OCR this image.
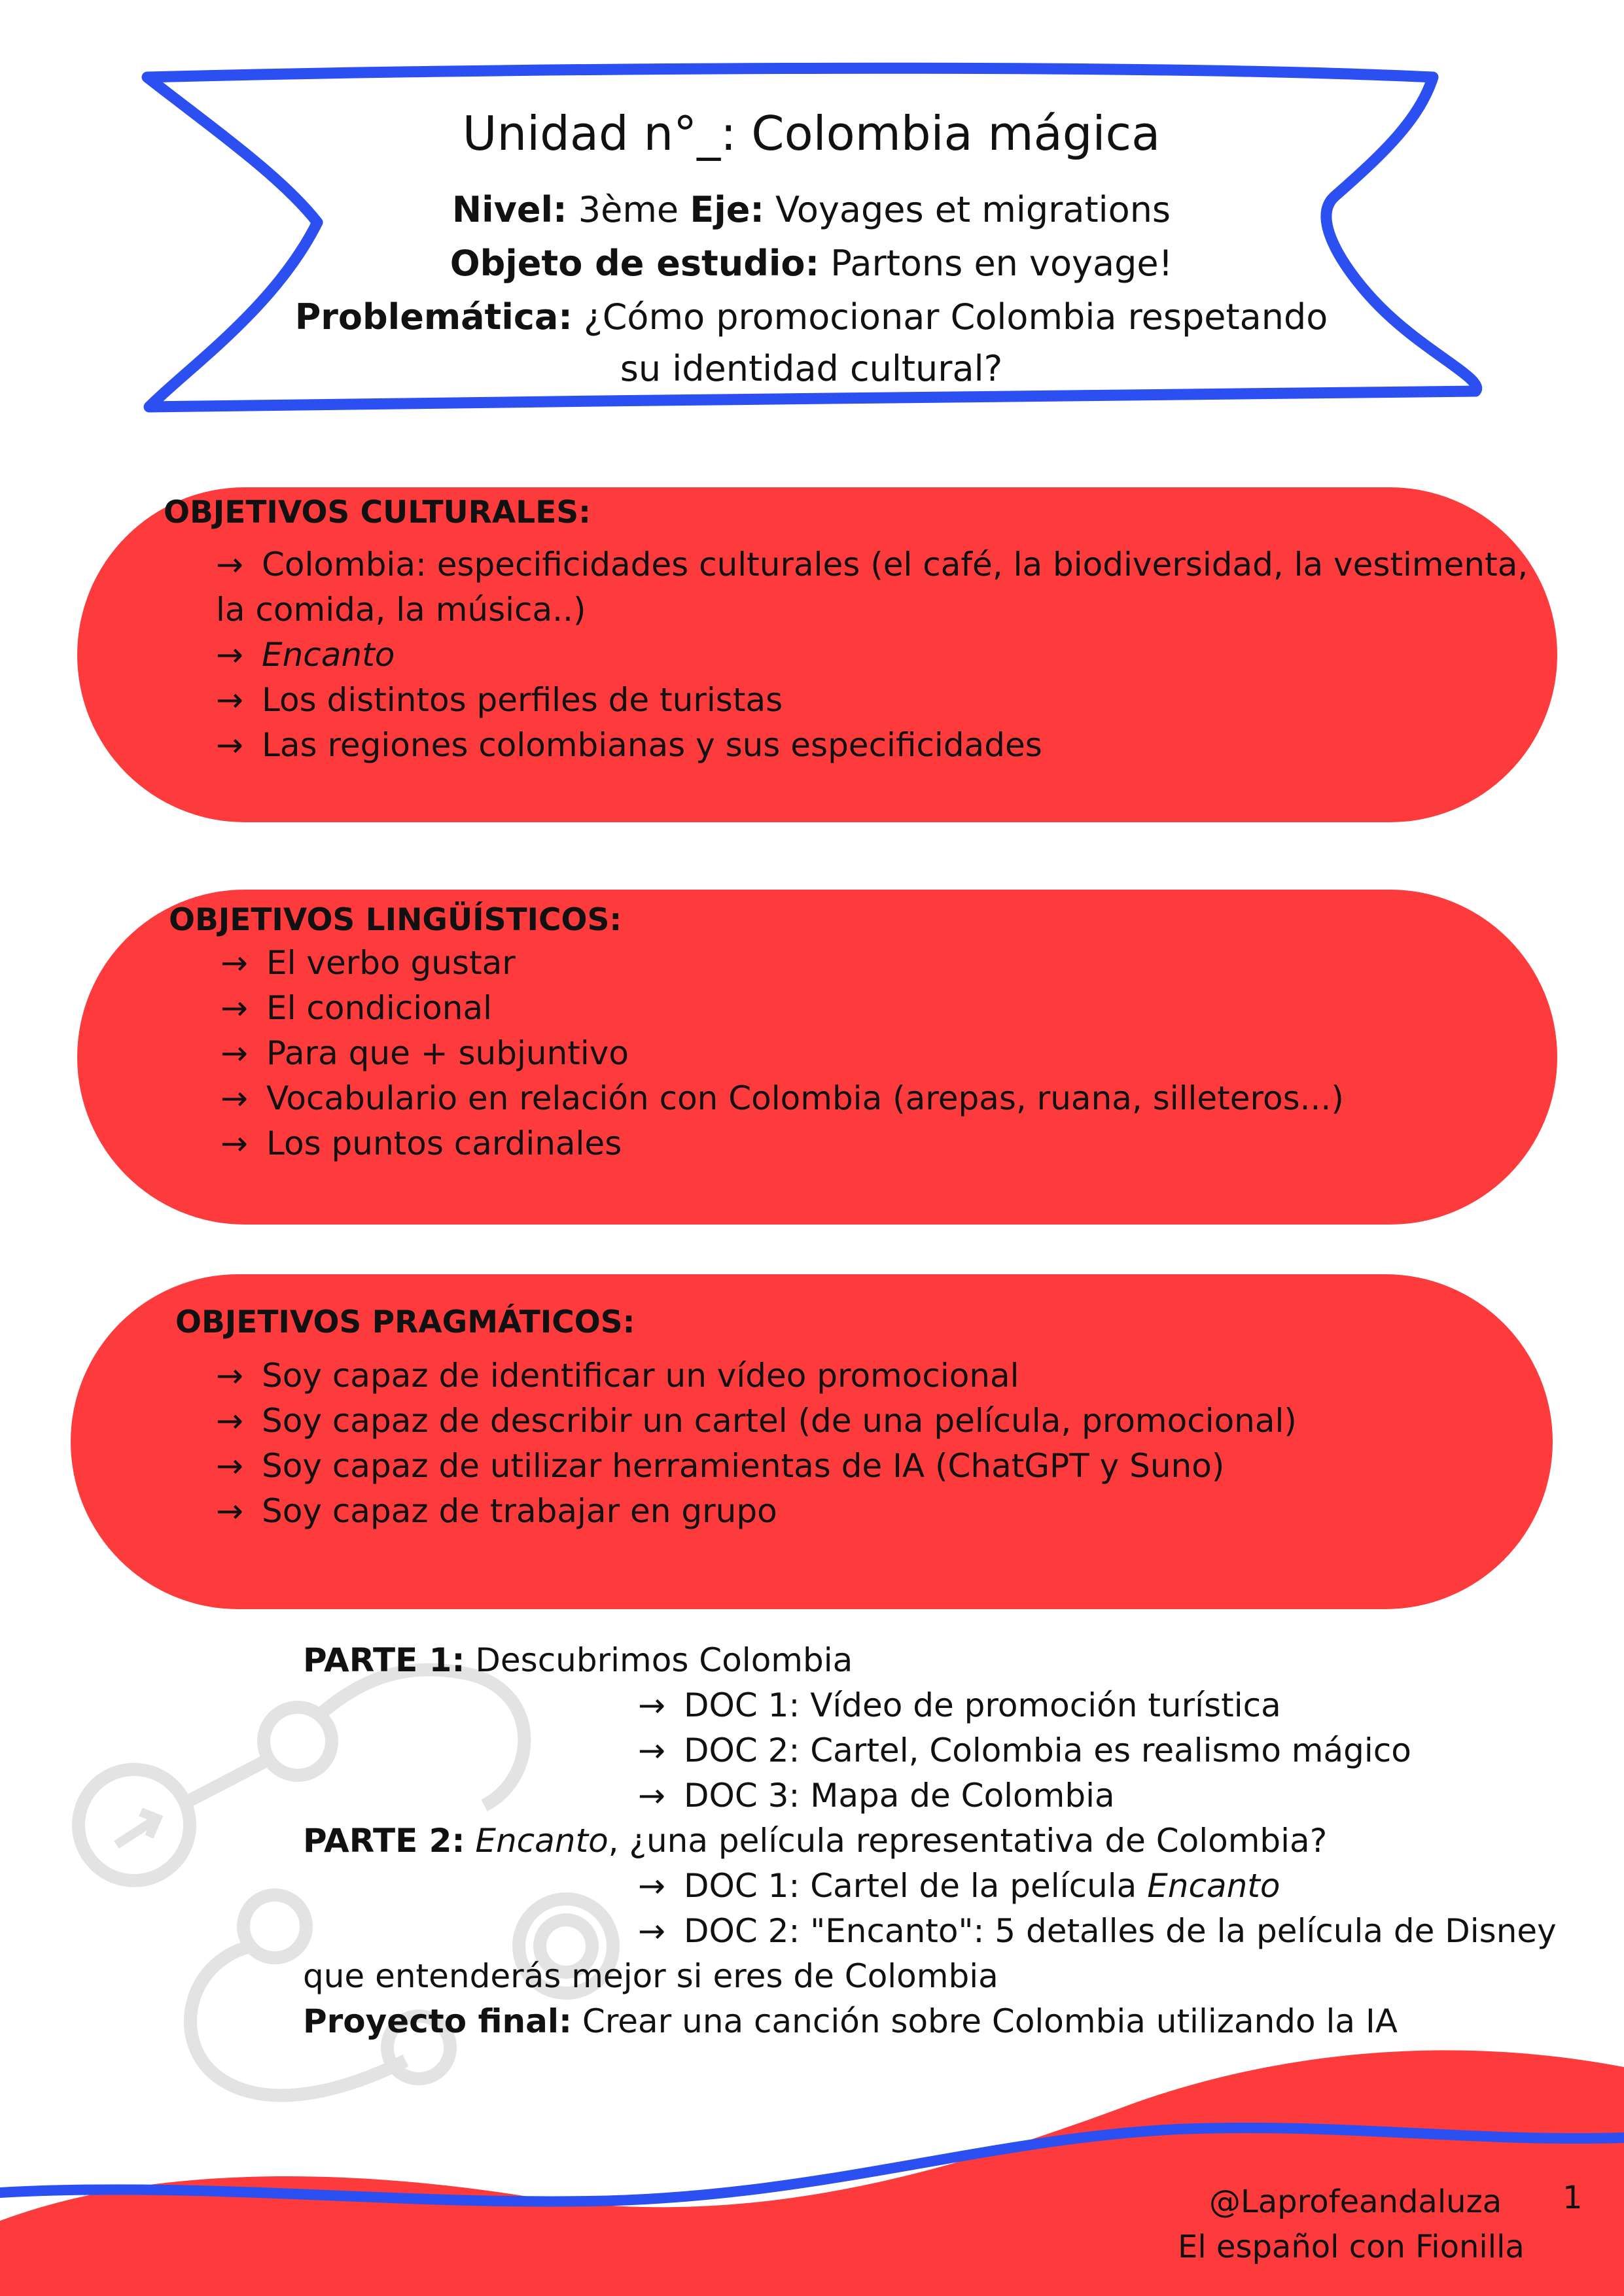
Unidad n°_: Colombia mágica
Nivel: 3ème Eje: Voyages et migrations
Objeto de estudio: Partons en voyage!
Problemática: ¿Cómo promocionar Colombia respetando
su identidad cultural?
OBJETIVOS CULTURALES:
→ Colombia: especificidades culturales (el café, la biodiversidad, la vestimenta,
la comida, la música..)
→ Encanto
→ Los distintos perfiles de turistas
→ Las regiones colombianas y sus especificidades
OBJETIVOS LINGÜÍSTICOS:
→ El verbo gustar
→ El condicional
→ Para que + subjuntivo
→ Vocabulario en relación con Colombia (arepas, ruana, silleteros...)
→ Los puntos cardinales
OBJETIVOS PRAGMÁTICOS:
→ Soy capaz de identificar un vídeo promocional
→ Soy capaz de describir un cartel (de una película, promocional)
→ Soy capaz de utilizar herramientas de IA (ChatGPT y Suno)
→ Soy capaz de trabajar en grupo
PARTE 1: Descubrimos Colombia
→ DOC 1: Vídeo de promoción turística
→ DOC 2: Cartel, Colombia es realismo mágico
→ DOC 3: Mapa de Colombia
PARTE 2: Encanto, ¿una película representativa de Colombia?
→ DOC 1: Cartel de la película Encanto
→ DOC 2: "Encanto": 5 detalles de la película de Disney
que entenderás mejor si eres de Colombia
Proyecto final: Crear una canción sobre Colombia utilizando la IA
@Laprofeandaluza 1
El español con Fionilla
